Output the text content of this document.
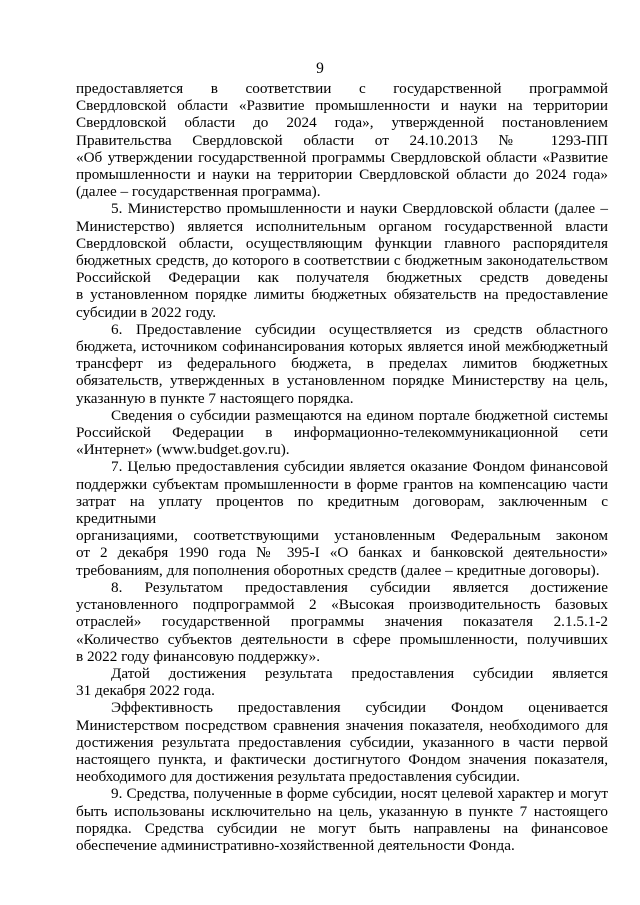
9
предоставляется в соответствии с государственной программой
Свердловской области «Развитие промышленности и науки на территории
Свердловской области до 2024 года», утвержденной постановлением
Правительства Свердловской области от 24.10.2013 № 1293-ПП
«Об утверждении государственной программы Свердловской области «Развитие
промышленности и науки на территории Свердловской области до 2024 года»
(далее – государственная программа).
5. Министерство промышленности и науки Свердловской области (далее –
Министерство) является исполнительным органом государственной власти
Свердловской области, осуществляющим функции главного распорядителя
бюджетных средств, до которого в соответствии с бюджетным законодательством
Российской Федерации как получателя бюджетных средств доведены
в установленном порядке лимиты бюджетных обязательств на предоставление
субсидии в 2022 году.
6. Предоставление субсидии осуществляется из средств областного
бюджета, источником софинансирования которых является иной межбюджетный
трансферт из федерального бюджета, в пределах лимитов бюджетных
обязательств, утвержденных в установленном порядке Министерству на цель,
указанную в пункте 7 настоящего порядка.
Сведения о субсидии размещаются на едином портале бюджетной системы
Российской Федерации в информационно-телекоммуникационной сети
«Интернет» (www.budget.gov.ru).
7. Целью предоставления субсидии является оказание Фондом финансовой
поддержки субъектам промышленности в форме грантов на компенсацию части
затрат на уплату процентов по кредитным договорам, заключенным с кредитными
организациями, соответствующими установленным Федеральным законом
от 2 декабря 1990 года № 395-I «О банках и банковской деятельности»
требованиям, для пополнения оборотных средств (далее – кредитные договоры).
8. Результатом предоставления субсидии является достижение
установленного подпрограммой 2 «Высокая производительность базовых
отраслей» государственной программы значения показателя 2.1.5.1-2
«Количество субъектов деятельности в сфере промышленности, получивших
в 2022 году финансовую поддержку».
Датой достижения результата предоставления субсидии является
31 декабря 2022 года.
Эффективность предоставления субсидии Фондом оценивается
Министерством посредством сравнения значения показателя, необходимого для
достижения результата предоставления субсидии, указанного в части первой
настоящего пункта, и фактически достигнутого Фондом значения показателя,
необходимого для достижения результата предоставления субсидии.
9. Средства, полученные в форме субсидии, носят целевой характер и могут
быть использованы исключительно на цель, указанную в пункте 7 настоящего
порядка. Средства субсидии не могут быть направлены на финансовое
обеспечение административно-хозяйственной деятельности Фонда.
